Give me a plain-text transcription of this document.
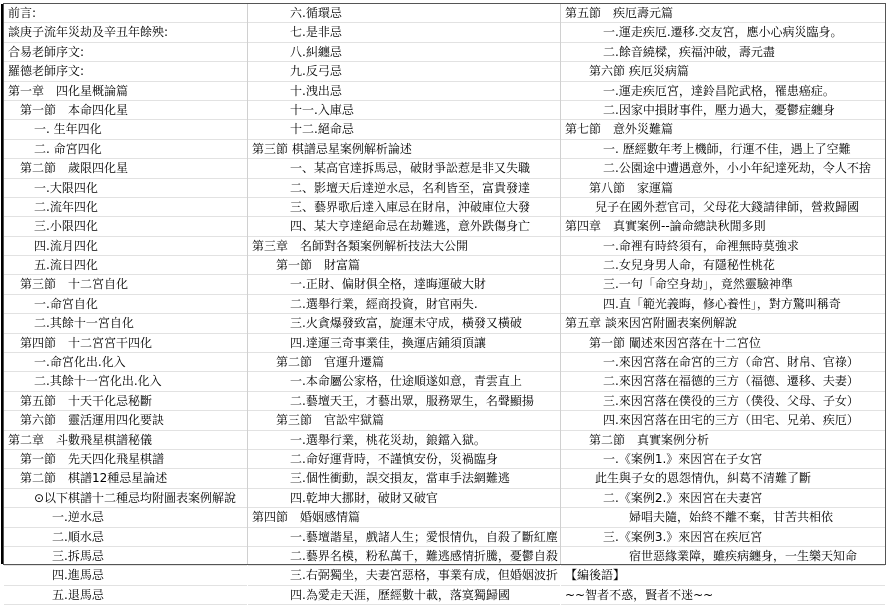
前言:
談庚子流年災劫及辛丑年餘殃:
合易老師序文:
羅德老師序文:
第一章　四化星概論篇
第一節　本命四化星
一. 生年四化
二. 命宮四化
第二節　歲限四化星
一.大限四化
二.流年四化
三.小限四化
四.流月四化
五.流日四化
第三節　十二宮自化
一.命宮自化
二.其餘十一宮自化
第四節　十二宮宮干四化
一.命宮化出.化入
二.其餘十一宮化出.化入
第五節　十天干化忌秘斷
第六節　靈活運用四化要訣
第二章　斗數飛星棋譜秘儀
第一節　先天四化飛星棋譜
第二節　棋譜12種忌星論述
⊙以下棋譜十二種忌均附圖表案例解說
一.逆水忌
二.順水忌
三.拆馬忌
四.進馬忌
五.退馬忌
六.循環忌
七.是非忌
八.糾纏忌
九.反弓忌
十.洩出忌
十一.入庫忌
十二.絕命忌
第三節 棋譜忌星案例解析論述
一、某高官達拆馬忌，破財爭訟惹是非又失職
二、影壇天后達逆水忌，名利皆至，富貴發達
三、藝界歌后達入庫忌在財帛，沖破庫位大發
四、某大亨達絕命忌在劫難逃，意外跌傷身亡
第三章　名師對各類案例解析技法大公開
第一節　財富篇
一.正財、偏財俱全格，達晦運破大財
二.選舉行業，經商投資，財官兩失.
三.火貪爆發致富，旋運未守成，橫發又橫破
四.達運三奇事業佳，換運店鋪須頂讓
第二節　官運升遷篇
一.本命屬公家格，仕途順遂如意，青雲直上
二.藝壇天王，才藝出眾，服務眾生，名聲顯揚
第三節　官訟牢獄篇
一.選舉行業，桃花災劫，鋃鐺入獄。
二.命好運背時，不謹慎安份，災禍臨身
三.個性衝動，誤交損友，當車手法網難逃
四.乾坤大挪財，破財又破官
第四節　婚姻感情篇
一.藝壇諧星，戲諸人生；愛恨情仇，自殺了斷紅塵
二.藝界名模，粉私萬千，難逃感情折騰，憂鬱自殺
三.右弼獨坐，夫妻宮惡格，事業有成，但婚姻波折
四.為愛走天涯，歷經數十載，落寞獨歸國
第五節　疾厄壽元篇
一.運走疾厄.遷移.交友宮，應小心病災臨身。
二.餘音繞樑，疾福沖破，壽元盡
第六節 疾厄災病篇
一.運走疾厄宮，達鈴昌陀武格，罹患癌症。
二.因家中損財事件，壓力過大，憂鬱症纏身
第七節　意外災難篇
一. 歷經數年考上機師，行運不佳，遇上了空難
二.公園途中遭遇意外，小小年紀達死劫，令人不捨
第八節　家運篇
兒子在國外惹官司，父母花大錢請律師，營救歸國
第四章　真實案例--論命總訣秋閒多則
一.命裡有時終須有，命裡無時莫強求
二.女兒身男人命，有隱秘性桃花
三.一句「命空身劫」，竟然靈驗神準
四.直「範光義晦，修心養性」，對方驚叫稱奇
第五章 談來因宮附圖表案例解說
第一節 闡述來因宮落在十二宮位
一.來因宮落在命宮的三方（命宮、財帛、官祿）
二.來因宮落在福德的三方（福德、遷移、夫妻）
三.來因宮落在僕役的三方（僕役、父母、子女）
四.來因宮落在田宅的三方（田宅、兄弟、疾厄）
第二節　真實案例分析
一.《案例1.》來因宮在子女宮
此生與子女的恩怨情仇，糾葛不清難了斷
二.《案例2.》來因宮在夫妻宮
婦唱夫隨，始終不離不棄，甘苦共相依
三.《案例3.》來因宮在疾厄宮
宿世惡緣業障，雖疾病纏身，一生樂天知命
【編後語】
~~智者不惑，賢者不迷~~
